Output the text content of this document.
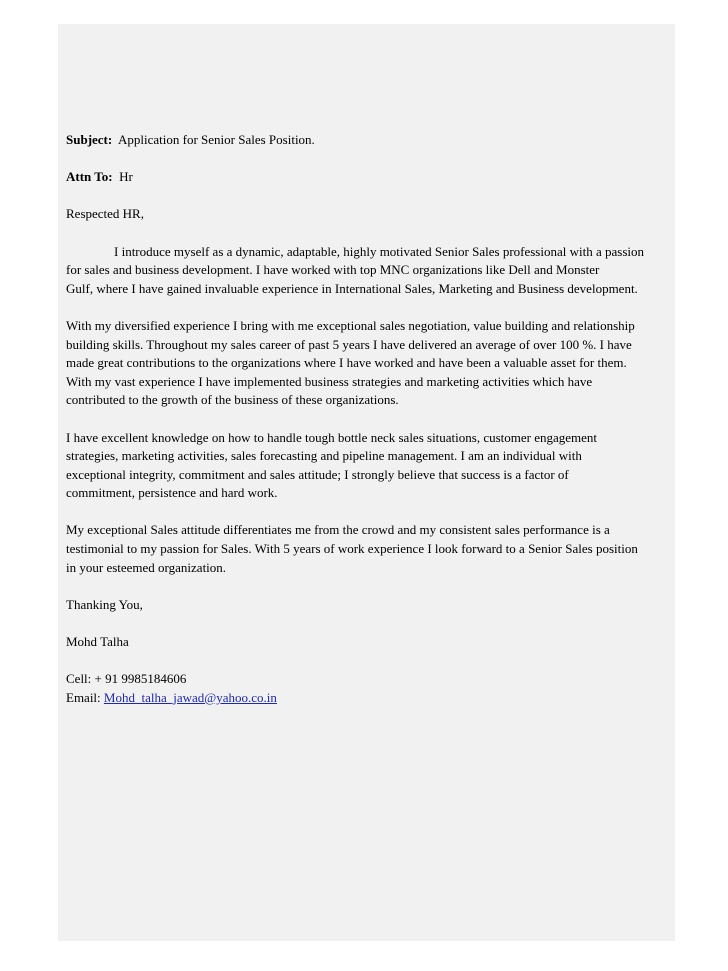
Subject: Application for Senior Sales Position.

Attn To: Hr

Respected HR,

I introduce myself as a dynamic, adaptable, highly motivated Senior Sales professional with a passion

for sales and business development. I have worked with top MNC organizations like Dell and Monster

Gulf, where I have gained invaluable experience in International Sales, Marketing and Business development.

With my diversified experience I bring with me exceptional sales negotiation, value building and relationship

building skills. Throughout my sales career of past 5 years I have delivered an average of over 100 %. I have

made great contributions to the organizations where I have worked and have been a valuable asset for them.

With my vast experience I have implemented business strategies and marketing activities which have

contributed to the growth of the business of these organizations.

I have excellent knowledge on how to handle tough bottle neck sales situations, customer engagement

strategies, marketing activities, sales forecasting and pipeline management. I am an individual with

exceptional integrity, commitment and sales attitude; I strongly believe that success is a factor of

commitment, persistence and hard work.

My exceptional Sales attitude differentiates me from the crowd and my consistent sales performance is a

testimonial to my passion for Sales. With 5 years of work experience I look forward to a Senior Sales position

in your esteemed organization.

Thanking You,

Mohd Talha

Cell: + 91 9985184606

Email: Mohd_talha_jawad@yahoo.co.in
